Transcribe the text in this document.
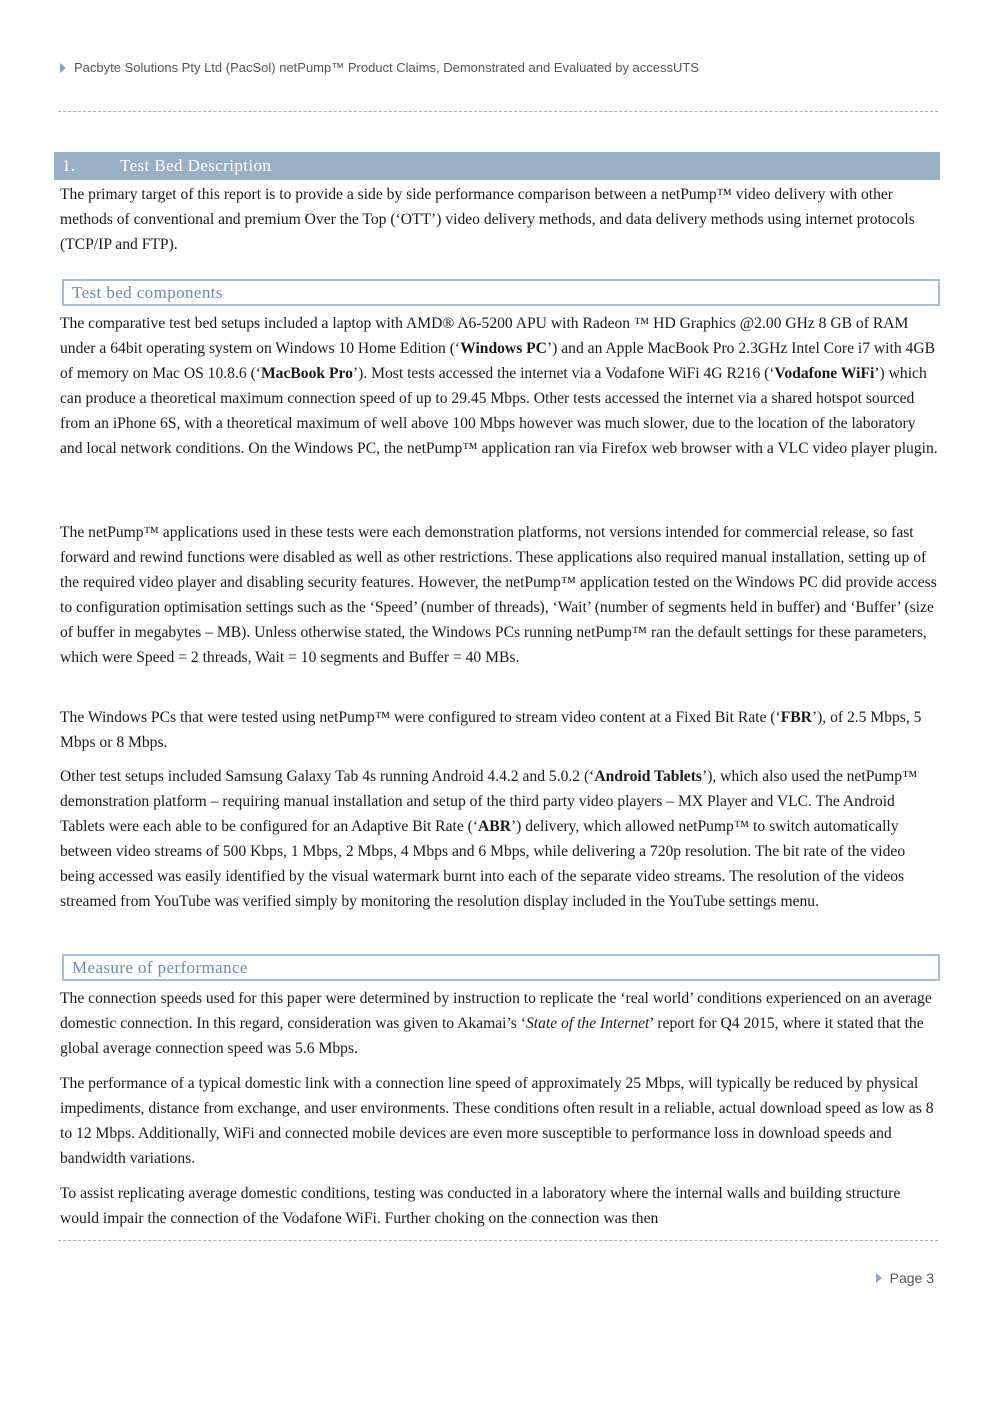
Pacbyte Solutions Pty Ltd (PacSol) netPump™ Product Claims, Demonstrated and Evaluated by accessUTS
1.	Test Bed Description

The primary target of this report is to provide a side by side performance comparison between a netPump™ video delivery with other methods of conventional and premium Over the Top (‘OTT’) video delivery methods, and data delivery methods using internet protocols (TCP/IP and FTP).

Test bed components

The comparative test bed setups included a laptop with AMD® A6-5200 APU with Radeon ™ HD Graphics @2.00 GHz 8 GB of RAM under a 64bit operating system on Windows 10 Home Edition (‘Windows PC’) and an Apple MacBook Pro 2.3GHz Intel Core i7 with 4GB of memory on Mac OS 10.8.6 (‘MacBook Pro’). Most tests accessed the internet via a Vodafone WiFi 4G R216 (‘Vodafone WiFi’) which can produce a theoretical maximum connection speed of up to 29.45 Mbps. Other tests accessed the internet via a shared hotspot sourced from an iPhone 6S, with a theoretical maximum of well above 100 Mbps however was much slower, due to the location of the laboratory and local network conditions. On the Windows PC, the netPump™ application ran via Firefox web browser with a VLC video player plugin.

The netPump™ applications used in these tests were each demonstration platforms, not versions intended for commercial release, so fast forward and rewind functions were disabled as well as other restrictions. These applications also required manual installation, setting up of the required video player and disabling security features. However, the netPump™ application tested on the Windows PC did provide access to configuration optimisation settings such as the ‘Speed’ (number of threads), ‘Wait’ (number of segments held in buffer) and ‘Buffer’ (size of buffer in megabytes – MB). Unless otherwise stated, the Windows PCs running netPump™ ran the default settings for these parameters, which were Speed = 2 threads, Wait = 10 segments and Buffer = 40 MBs.

The Windows PCs that were tested using netPump™ were configured to stream video content at a Fixed Bit Rate (‘FBR’), of 2.5 Mbps, 5 Mbps or 8 Mbps.

Other test setups included Samsung Galaxy Tab 4s running Android 4.4.2 and 5.0.2 (‘Android Tablets’), which also used the netPump™ demonstration platform – requiring manual installation and setup of the third party video players – MX Player and VLC. The Android Tablets were each able to be configured for an Adaptive Bit Rate (‘ABR’) delivery, which allowed netPump™ to switch automatically between video streams of 500 Kbps, 1 Mbps, 2 Mbps, 4 Mbps and 6 Mbps, while delivering a 720p resolution. The bit rate of the video being accessed was easily identified by the visual watermark burnt into each of the separate video streams. The resolution of the videos streamed from YouTube was verified simply by monitoring the resolution display included in the YouTube settings menu.

Measure of performance

The connection speeds used for this paper were determined by instruction to replicate the ‘real world’ conditions experienced on an average domestic connection. In this regard, consideration was given to Akamai’s ‘State of the Internet’ report for Q4 2015, where it stated that the global average connection speed was 5.6 Mbps.

The performance of a typical domestic link with a connection line speed of approximately 25 Mbps, will typically be reduced by physical impediments, distance from exchange, and user environments. These conditions often result in a reliable, actual download speed as low as 8 to 12 Mbps. Additionally, WiFi and connected mobile devices are even more susceptible to performance loss in download speeds and bandwidth variations.

To assist replicating average domestic conditions, testing was conducted in a laboratory where the internal walls and building structure would impair the connection of the Vodafone WiFi. Further choking on the connection was then

Page 3
